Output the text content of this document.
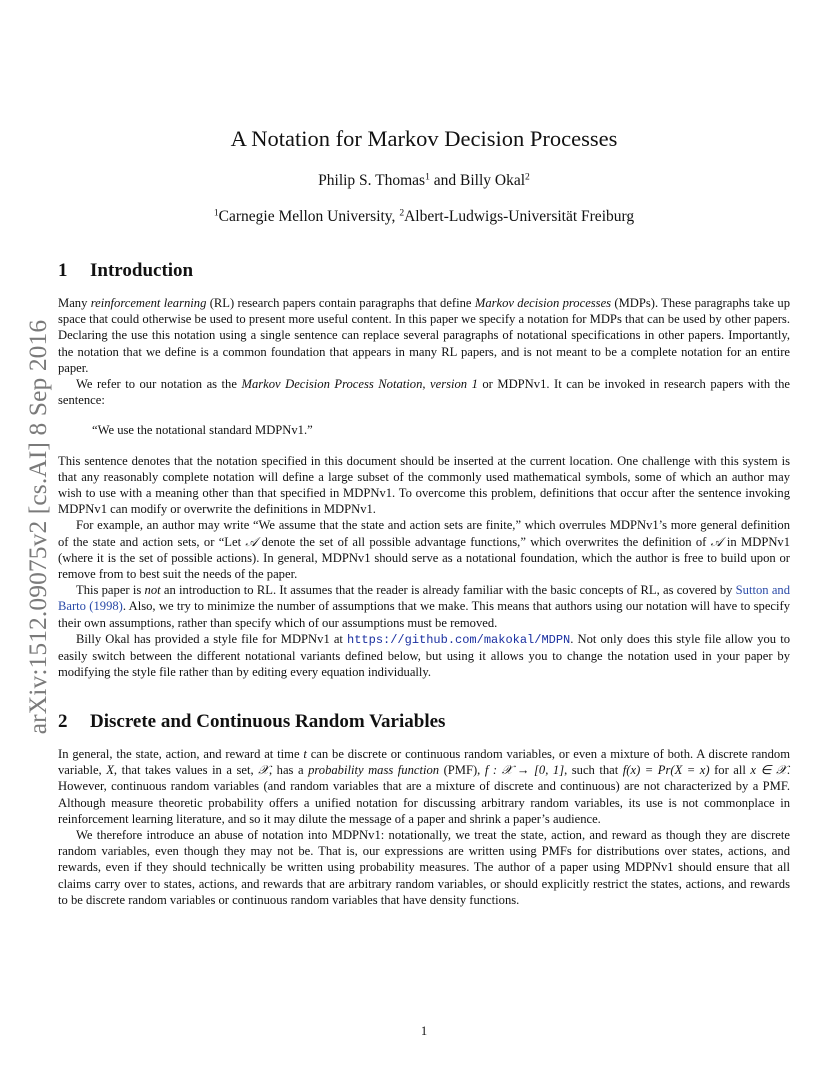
arXiv:1512.09075v2 [cs.AI] 8 Sep 2016
A Notation for Markov Decision Processes
Philip S. Thomas$^1$ and Billy Okal$^2$
$^1$Carnegie Mellon University, $^2$Albert-Ludwigs-Universität Freiburg
1 Introduction

Many reinforcement learning (RL) research papers contain paragraphs that define Markov decision processes (MDPs). These paragraphs take up space that could otherwise be used to present more useful content. In this paper we specify a notation for MDPs that can be used by other papers. Declaring the use this notation using a single sentence can replace several paragraphs of notational specifications in other papers. Importantly, the notation that we define is a common foundation that appears in many RL papers, and is not meant to be a complete notation for an entire paper.

We refer to our notation as the Markov Decision Process Notation, version 1 or MDPNv1. It can be invoked in research papers with the sentence:

“We use the notational standard MDPNv1.”

This sentence denotes that the notation specified in this document should be inserted at the current location. One challenge with this system is that any reasonably complete notation will define a large subset of the commonly used mathematical symbols, some of which an author may wish to use with a meaning other than that specified in MDPNv1. To overcome this problem, definitions that occur after the sentence invoking MDPNv1 can modify or overwrite the definitions in MDPNv1.

For example, an author may write “We assume that the state and action sets are finite,” which overrules MDPNv1’s more general definition of the state and action sets, or “Let 𝒜 denote the set of all possible advantage functions,” which overwrites the definition of 𝒜 in MDPNv1 (where it is the set of possible actions). In general, MDPNv1 should serve as a notational foundation, which the author is free to build upon or remove from to best suit the needs of the paper.

This paper is not an introduction to RL. It assumes that the reader is already familiar with the basic concepts of RL, as covered by Sutton and Barto (1998). Also, we try to minimize the number of assumptions that we make. This means that authors using our notation will have to specify their own assumptions, rather than specify which of our assumptions must be removed.

Billy Okal has provided a style file for MDPNv1 at https://github.com/makokal/MDPN. Not only does this style file allow you to easily switch between the different notational variants defined below, but using it allows you to change the notation used in your paper by modifying the style file rather than by editing every equation individually.

2 Discrete and Continuous Random Variables

In general, the state, action, and reward at time t can be discrete or continuous random variables, or even a mixture of both. A discrete random variable, X, that takes values in a set, 𝒳, has a probability mass function (PMF), f : 𝒳 → [0, 1], such that f(x) = Pr(X = x) for all x ∈ 𝒳. However, continuous random variables (and random variables that are a mixture of discrete and continuous) are not characterized by a PMF. Although measure theoretic probability offers a unified notation for discussing arbitrary random variables, its use is not commonplace in reinforcement learning literature, and so it may dilute the message of a paper and shrink a paper’s audience.

We therefore introduce an abuse of notation into MDPNv1: notationally, we treat the state, action, and reward as though they are discrete random variables, even though they may not be. That is, our expressions are written using PMFs for distributions over states, actions, and rewards, even if they should technically be written using probability measures. The author of a paper using MDPNv1 should ensure that all claims carry over to states, actions, and rewards that are arbitrary random variables, or should explicitly restrict the states, actions, and rewards to be discrete random variables or continuous random variables that have density functions.

1
